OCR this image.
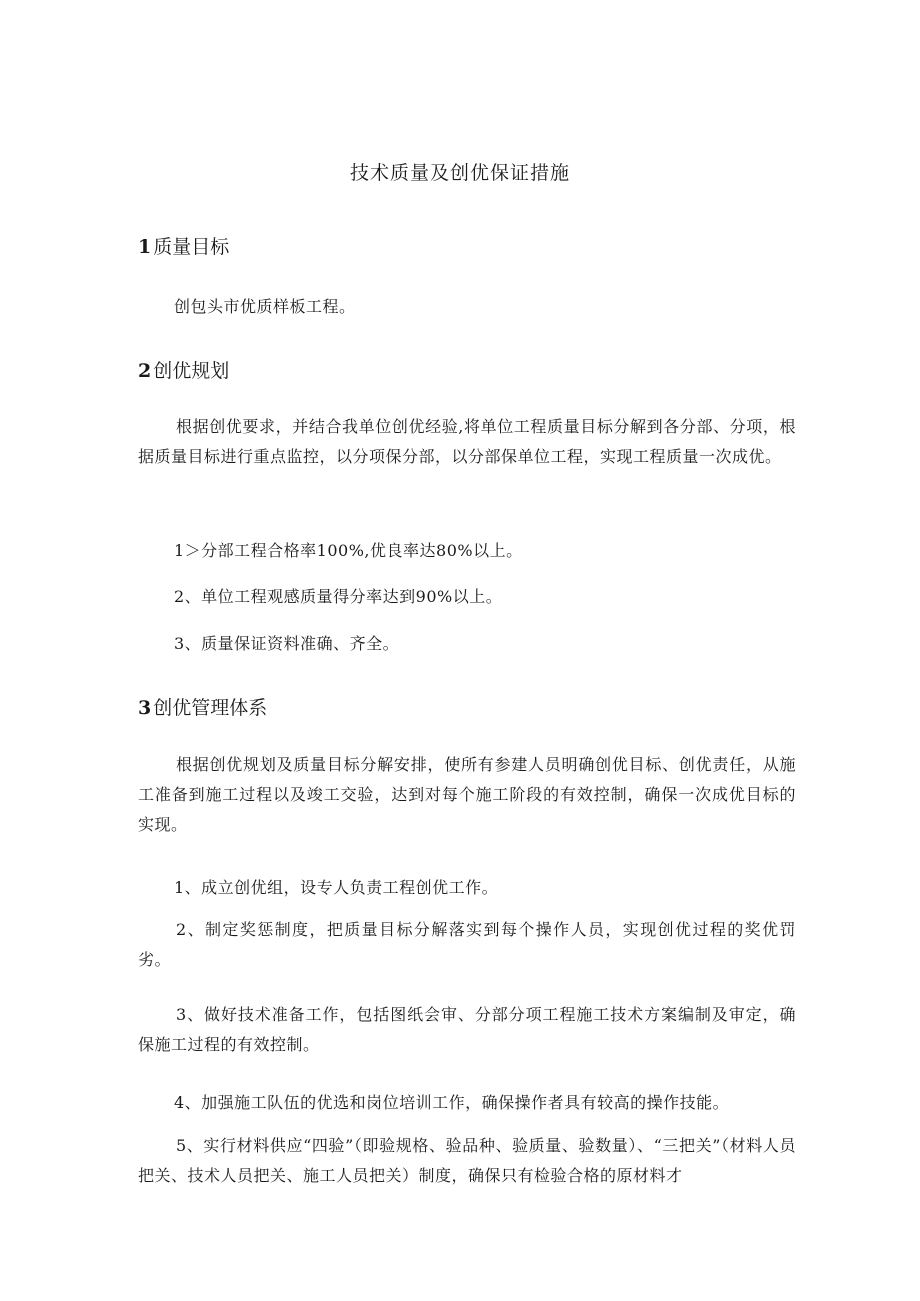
技术质量及创优保证措施
1 质量目标
创包头市优质样板工程。
2 创优规划
根据创优要求，并结合我单位创优经验,将单位工程质量目标分解到各分部、分项，根据质量目标进行重点监控，以分项保分部，以分部保单位工程，实现工程质量一次成优。
1＞分部工程合格率100%,优良率达80%以上。
2、单位工程观感质量得分率达到90%以上。
3、质量保证资料准确、齐全。
3 创优管理体系
根据创优规划及质量目标分解安排，使所有参建人员明确创优目标、创优责任，从施工准备到施工过程以及竣工交验，达到对每个施工阶段的有效控制，确保一次成优目标的实现。
1、成立创优组，设专人负责工程创优工作。
2、制定奖惩制度，把质量目标分解落实到每个操作人员，实现创优过程的奖优罚劣。
3、做好技术准备工作，包括图纸会审、分部分项工程施工技术方案编制及审定，确保施工过程的有效控制。
4、加强施工队伍的优选和岗位培训工作，确保操作者具有较高的操作技能。
5、实行材料供应“四验”（即验规格、验品种、验质量、验数量）、“三把关”（材料人员把关、技术人员把关、施工人员把关）制度，确保只有检验合格的原材料才
